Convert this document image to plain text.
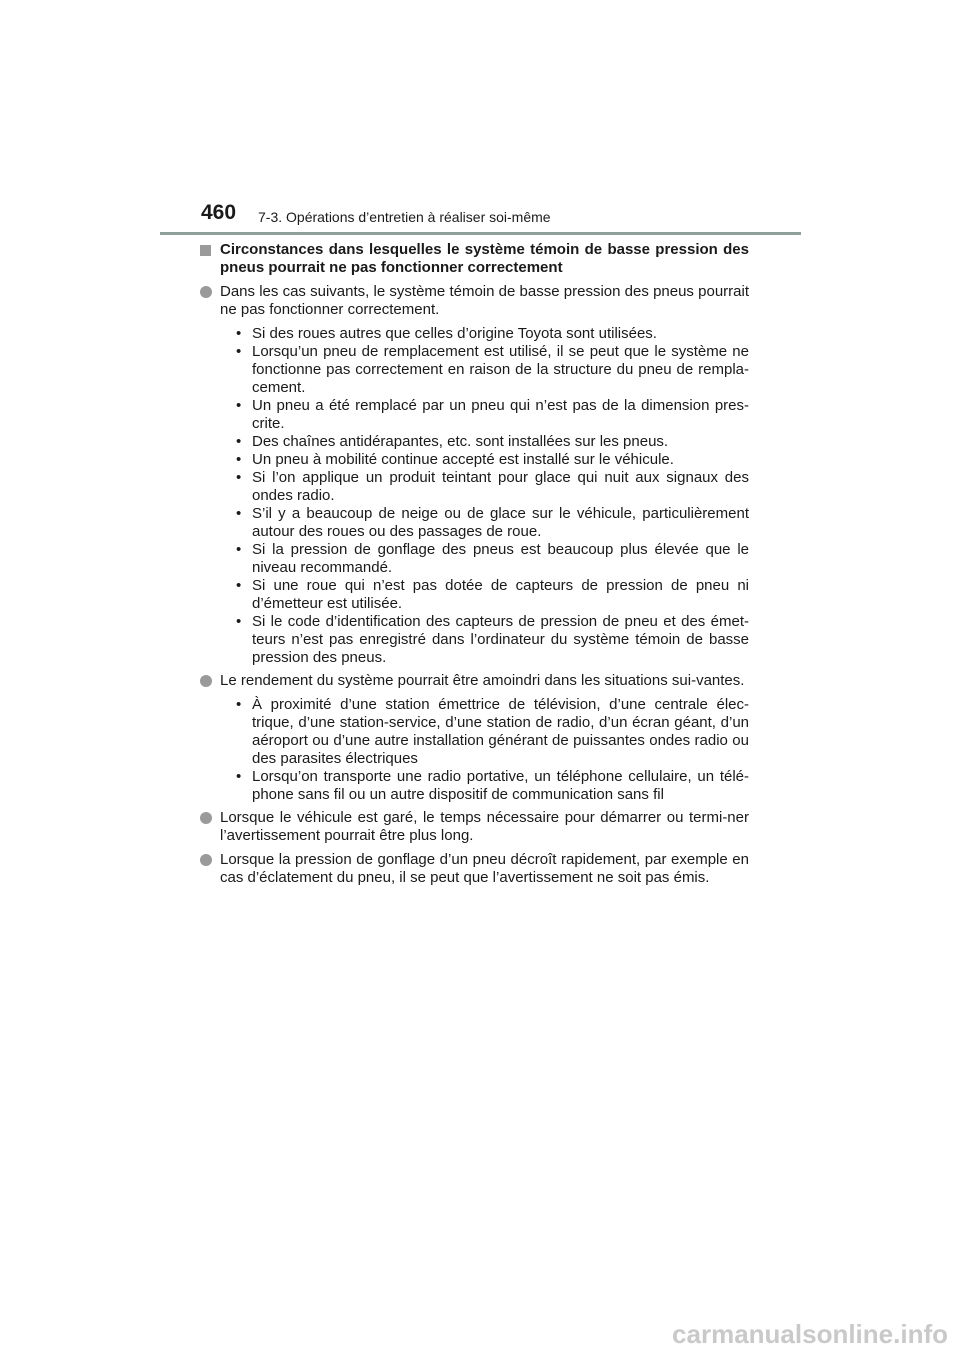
460 7-3. Opérations d’entretien à réaliser soi-même
Circonstances dans lesquelles le système témoin de basse pression des pneus pourrait ne pas fonctionner correctement
Dans les cas suivants, le système témoin de basse pression des pneus pourrait ne pas fonctionner correctement.
• Si des roues autres que celles d’origine Toyota sont utilisées.
• Lorsqu’un pneu de remplacement est utilisé, il se peut que le système ne fonctionne pas correctement en raison de la structure du pneu de rempla-cement.
• Un pneu a été remplacé par un pneu qui n’est pas de la dimension pres-crite.
• Des chaînes antidérapantes, etc. sont installées sur les pneus.
• Un pneu à mobilité continue accepté est installé sur le véhicule.
• Si l’on applique un produit teintant pour glace qui nuit aux signaux des ondes radio.
• S’il y a beaucoup de neige ou de glace sur le véhicule, particulièrement autour des roues ou des passages de roue.
• Si la pression de gonflage des pneus est beaucoup plus élevée que le niveau recommandé.
• Si une roue qui n’est pas dotée de capteurs de pression de pneu ni d’émetteur est utilisée.
• Si le code d’identification des capteurs de pression de pneu et des émet-teurs n’est pas enregistré dans l’ordinateur du système témoin de basse pression des pneus.
Le rendement du système pourrait être amoindri dans les situations sui-vantes.
• À proximité d’une station émettrice de télévision, d’une centrale élec-trique, d’une station-service, d’une station de radio, d’un écran géant, d’un aéroport ou d’une autre installation générant de puissantes ondes radio ou des parasites électriques
• Lorsqu’on transporte une radio portative, un téléphone cellulaire, un télé-phone sans fil ou un autre dispositif de communication sans fil
Lorsque le véhicule est garé, le temps nécessaire pour démarrer ou termi-ner l’avertissement pourrait être plus long.
Lorsque la pression de gonflage d’un pneu décroît rapidement, par exemple en cas d’éclatement du pneu, il se peut que l’avertissement ne soit pas émis.
carmanualsonline.info
